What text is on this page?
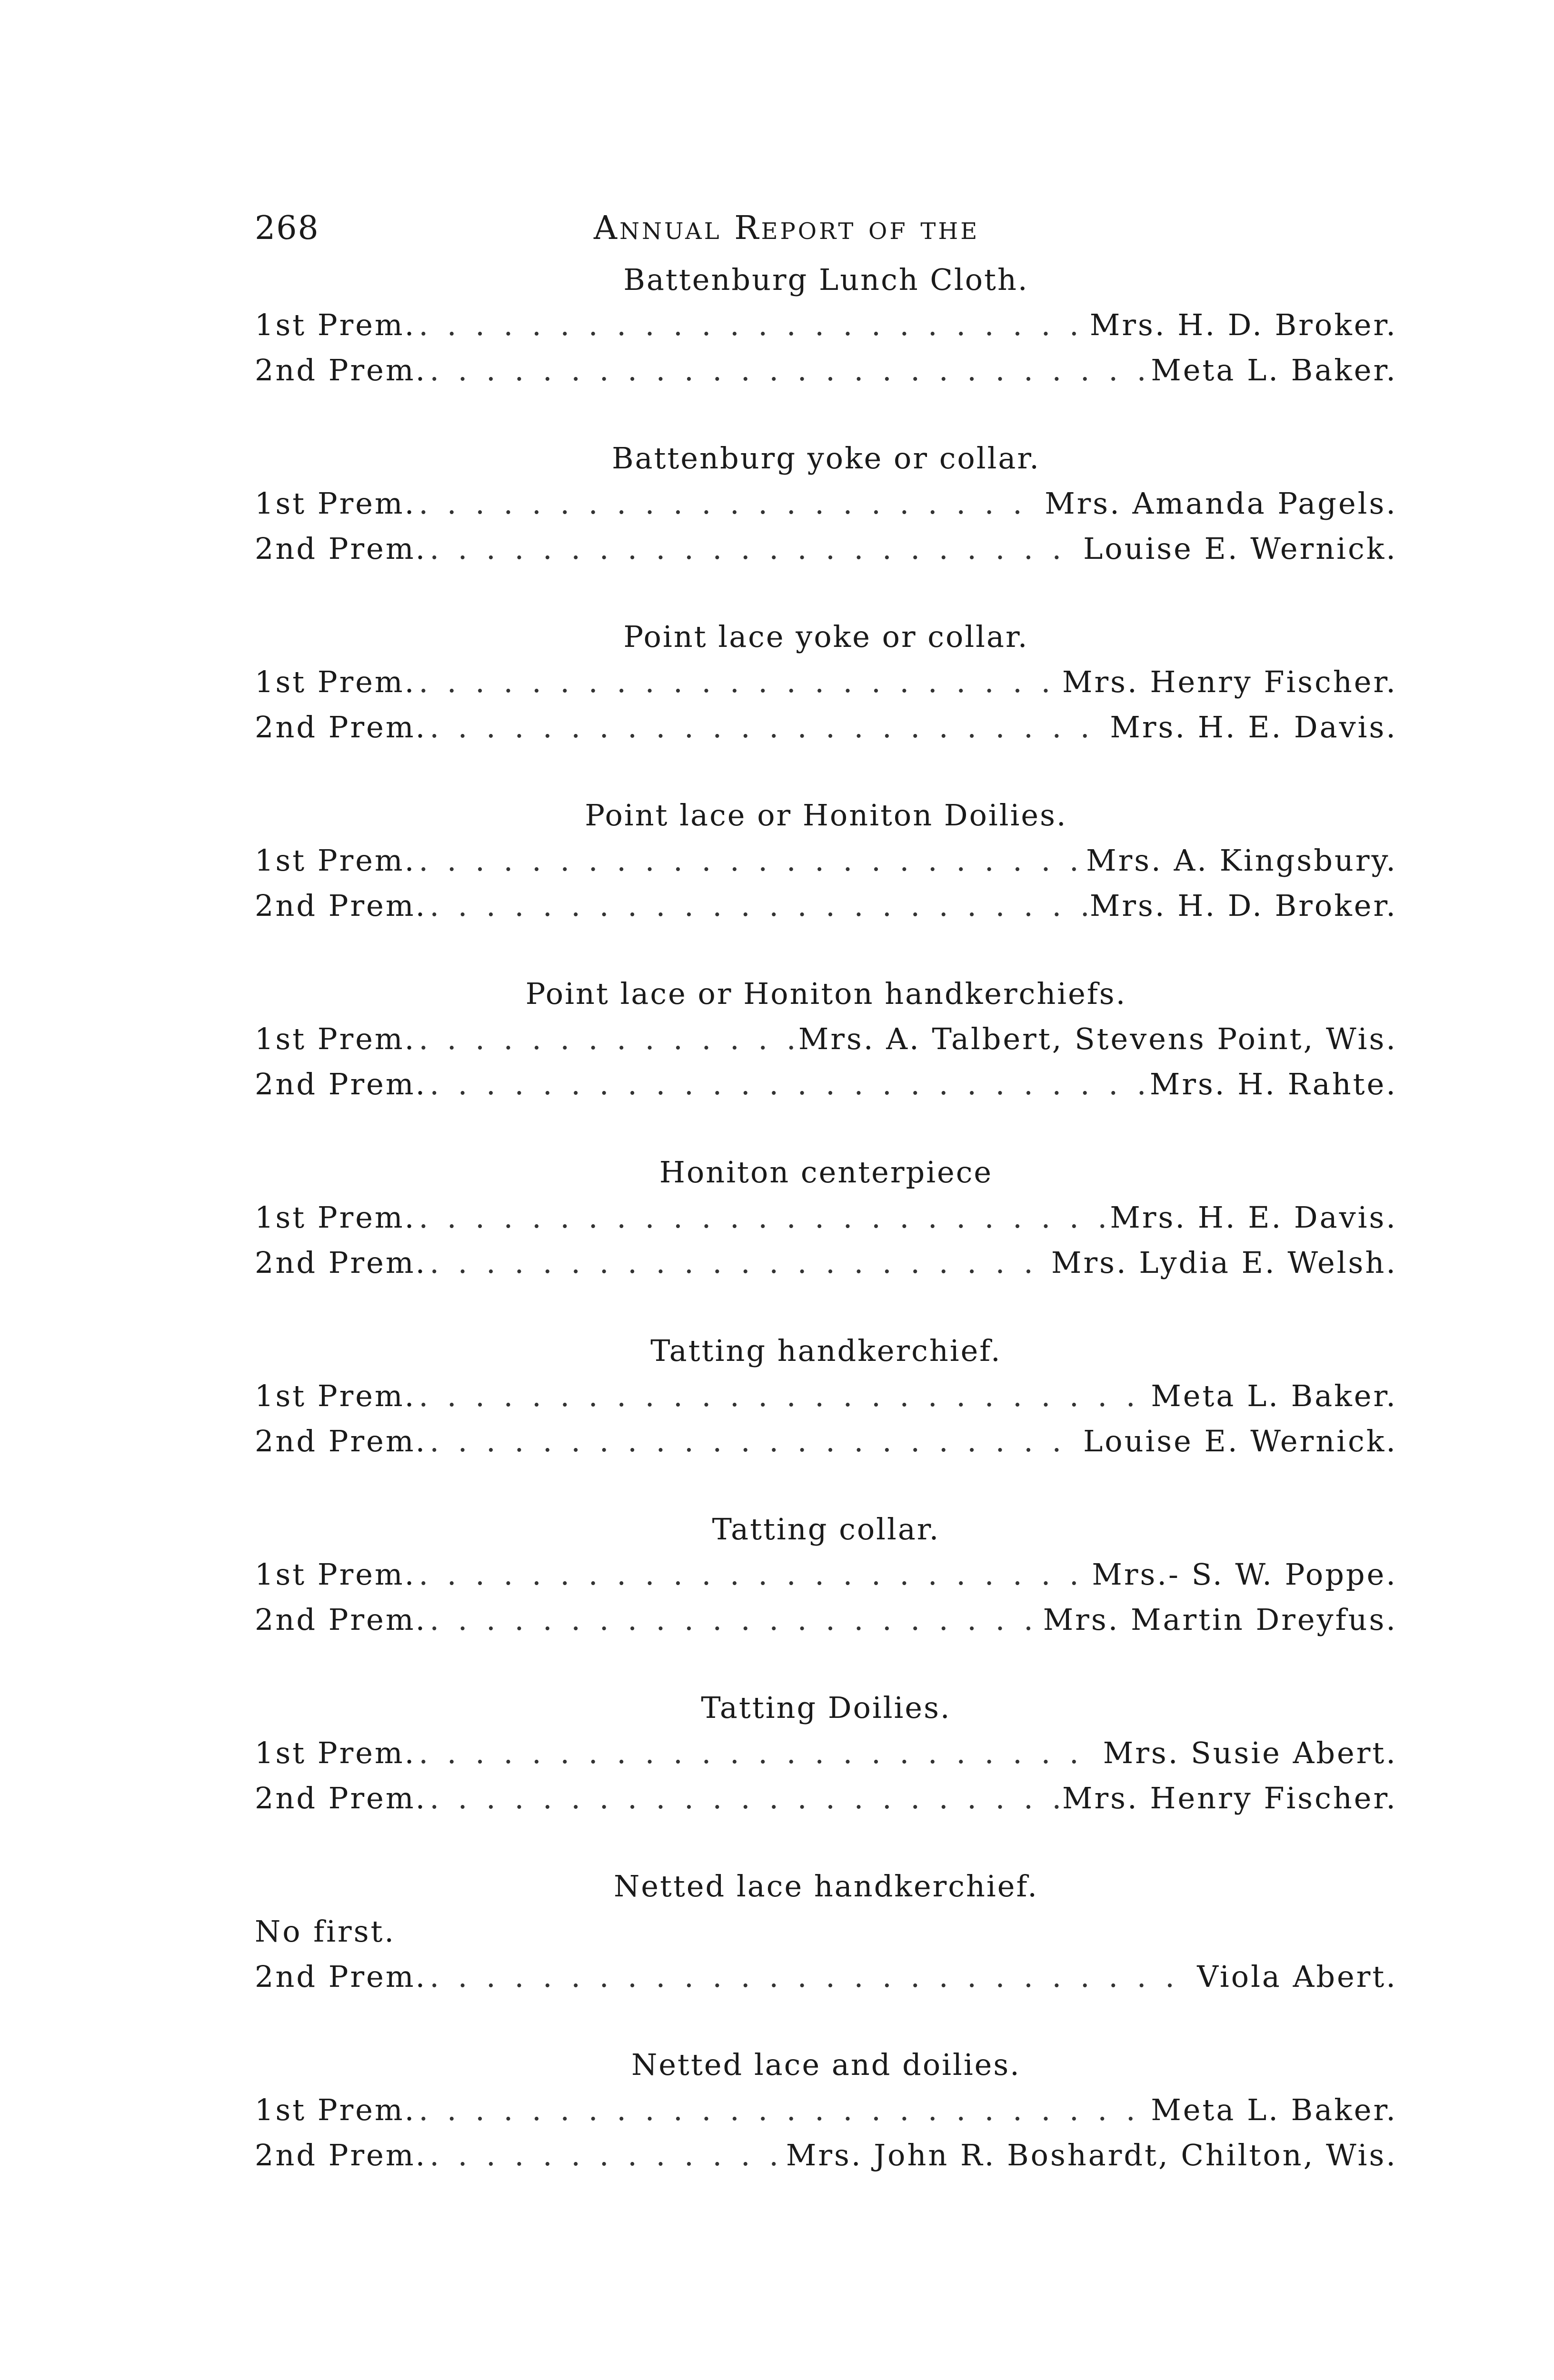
268	Annual Report of the
Battenburg Lunch Cloth.
1st Prem. . . .	Mrs. H. D. Broker.
2nd Prem. . . .	Meta L. Baker.
Battenburg yoke or collar.
1st Prem. . . .	Mrs. Amanda Pagels.
2nd Prem. . . .	Louise E. Wernick.
Point lace yoke or collar.
1st Prem. . . .	Mrs. Henry Fischer.
2nd Prem. . . .	Mrs. H. E. Davis.
Point lace or Honiton Doilies.
1st Prem. . . .	Mrs. A. Kingsbury.
2nd Prem. . . .	Mrs. H. D. Broker.
Point lace or Honiton handkerchiefs.
1st Prem. . . .	Mrs. A. Talbert, Stevens Point, Wis.
2nd Prem. . . .	Mrs. H. Rahte.
Honiton centerpiece
1st Prem. . . .	Mrs. H. E. Davis.
2nd Prem. . . .	Mrs. Lydia E. Welsh.
Tatting handkerchief.
1st Prem. . . .	Meta L. Baker.
2nd Prem. . . .	Louise E. Wernick.
Tatting collar.
1st Prem. . . .	Mrs.- S. W. Poppe.
2nd Prem. . . .	Mrs. Martin Dreyfus.
Tatting Doilies.
1st Prem. . . .	Mrs. Susie Abert.
2nd Prem. . . .	Mrs. Henry Fischer.
Netted lace handkerchief.
No first.
2nd Prem. . . .	Viola Abert.
Netted lace and doilies.
1st Prem. . . .	Meta L. Baker.
2nd Prem. . . .	Mrs. John R. Boshardt, Chilton, Wis.
